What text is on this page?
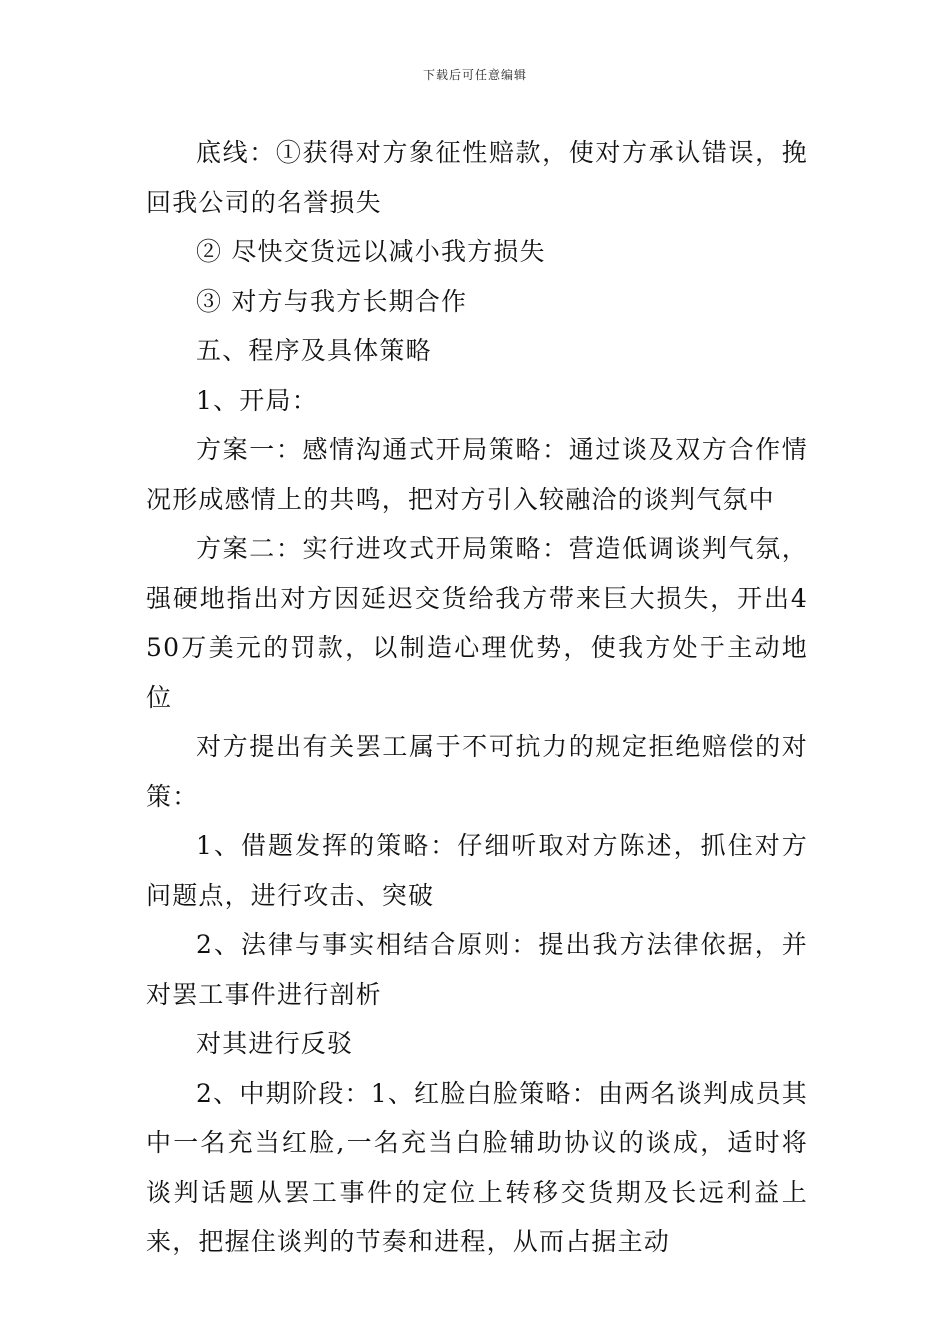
下载后可任意编辑

底线：①获得对方象征性赔款，使对方承认错误，挽回我公司的名誉损失

② 尽快交货远以减小我方损失

③ 对方与我方长期合作

五、程序及具体策略

1、开局：

方案一：感情沟通式开局策略：通过谈及双方合作情况形成感情上的共鸣，把对方引入较融洽的谈判气氛中

方案二：实行进攻式开局策略：营造低调谈判气氛，强硬地指出对方因延迟交货给我方带来巨大损失，开出450万美元的罚款，以制造心理优势，使我方处于主动地位

对方提出有关罢工属于不可抗力的规定拒绝赔偿的对策：

1、借题发挥的策略：仔细听取对方陈述，抓住对方问题点，进行攻击、突破

2、法律与事实相结合原则：提出我方法律依据，并对罢工事件进行剖析

对其进行反驳

2、中期阶段：1、红脸白脸策略：由两名谈判成员其中一名充当红脸,一名充当白脸辅助协议的谈成，适时将谈判话题从罢工事件的定位上转移交货期及长远利益上来，把握住谈判的节奏和进程，从而占据主动
